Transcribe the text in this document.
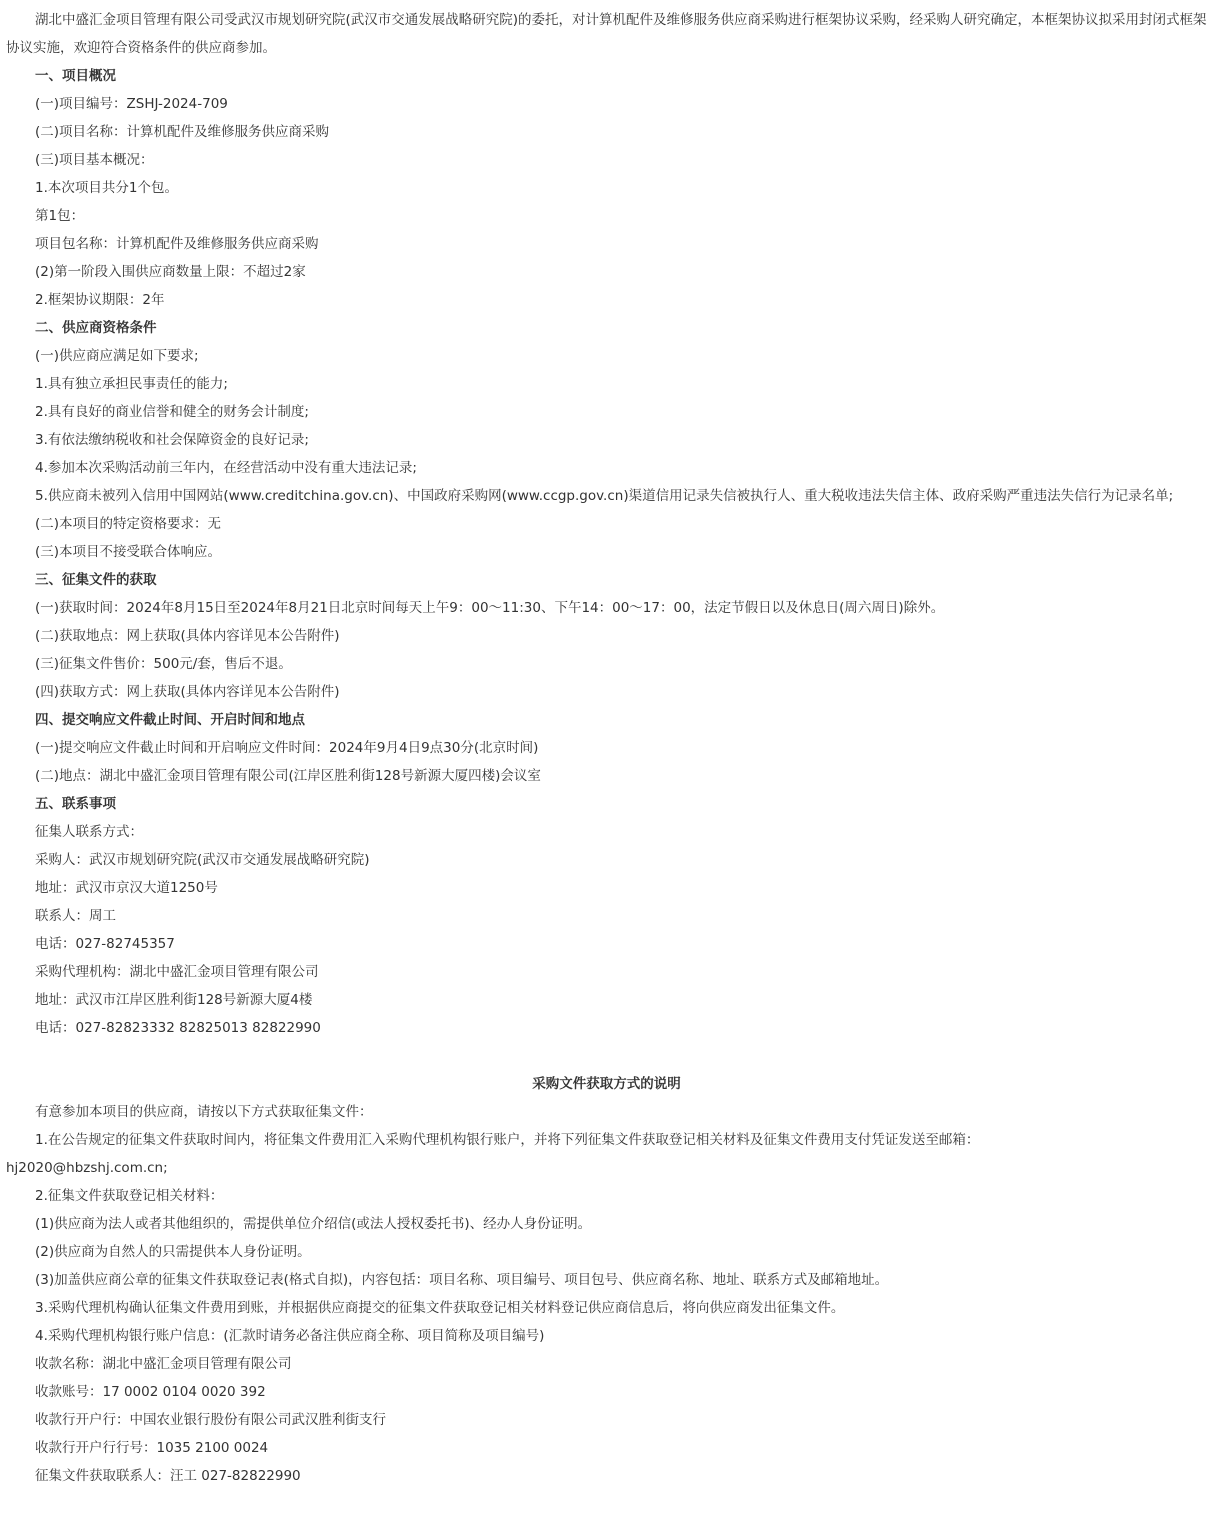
湖北中盛汇金项目管理有限公司受武汉市规划研究院(武汉市交通发展战略研究院)的委托，对计算机配件及维修服务供应商采购进行框架协议采购，经采购人研究确定，本框架协议拟采用封闭式框架协议实施，欢迎符合资格条件的供应商参加。
一、项目概况
(一)项目编号：ZSHJ-2024-709
(二)项目名称：计算机配件及维修服务供应商采购
(三)项目基本概况：
1.本次项目共分1个包。
第1包：
项目包名称：计算机配件及维修服务供应商采购
(2)第一阶段入围供应商数量上限：不超过2家
2.框架协议期限：2年
二、供应商资格条件
(一)供应商应满足如下要求;
1.具有独立承担民事责任的能力;
2.具有良好的商业信誉和健全的财务会计制度;
3.有依法缴纳税收和社会保障资金的良好记录;
4.参加本次采购活动前三年内，在经营活动中没有重大违法记录;
5.供应商未被列入信用中国网站(www.creditchina.gov.cn)、中国政府采购网(www.ccgp.gov.cn)渠道信用记录失信被执行人、重大税收违法失信主体、政府采购严重违法失信行为记录名单;
(二)本项目的特定资格要求：无
(三)本项目不接受联合体响应。
三、征集文件的获取
(一)获取时间：2024年8月15日至2024年8月21日北京时间每天上午9：00～11:30、下午14：00～17：00，法定节假日以及休息日(周六周日)除外。
(二)获取地点：网上获取(具体内容详见本公告附件)
(三)征集文件售价：500元/套，售后不退。
(四)获取方式：网上获取(具体内容详见本公告附件)
四、提交响应文件截止时间、开启时间和地点
(一)提交响应文件截止时间和开启响应文件时间：2024年9月4日9点30分(北京时间)
(二)地点：湖北中盛汇金项目管理有限公司(江岸区胜利街128号新源大厦四楼)会议室
五、联系事项
征集人联系方式：
采购人：武汉市规划研究院(武汉市交通发展战略研究院)
地址：武汉市京汉大道1250号
联系人：周工
电话：027-82745357
采购代理机构：湖北中盛汇金项目管理有限公司
地址：武汉市江岸区胜利街128号新源大厦4楼
电话：027-82823332 82825013 82822990
采购文件获取方式的说明
有意参加本项目的供应商，请按以下方式获取征集文件：
1.在公告规定的征集文件获取时间内，将征集文件费用汇入采购代理机构银行账户，并将下列征集文件获取登记相关材料及征集文件费用支付凭证发送至邮箱：
hj2020@hbzshj.com.cn;
2.征集文件获取登记相关材料：
(1)供应商为法人或者其他组织的，需提供单位介绍信(或法人授权委托书)、经办人身份证明。
(2)供应商为自然人的只需提供本人身份证明。
(3)加盖供应商公章的征集文件获取登记表(格式自拟)，内容包括：项目名称、项目编号、项目包号、供应商名称、地址、联系方式及邮箱地址。
3.采购代理机构确认征集文件费用到账，并根据供应商提交的征集文件获取登记相关材料登记供应商信息后，将向供应商发出征集文件。
4.采购代理机构银行账户信息：(汇款时请务必备注供应商全称、项目简称及项目编号)
收款名称：湖北中盛汇金项目管理有限公司
收款账号：17 0002 0104 0020 392
收款行开户行：中国农业银行股份有限公司武汉胜利街支行
收款行开户行行号：1035 2100 0024
征集文件获取联系人：汪工 027-82822990
